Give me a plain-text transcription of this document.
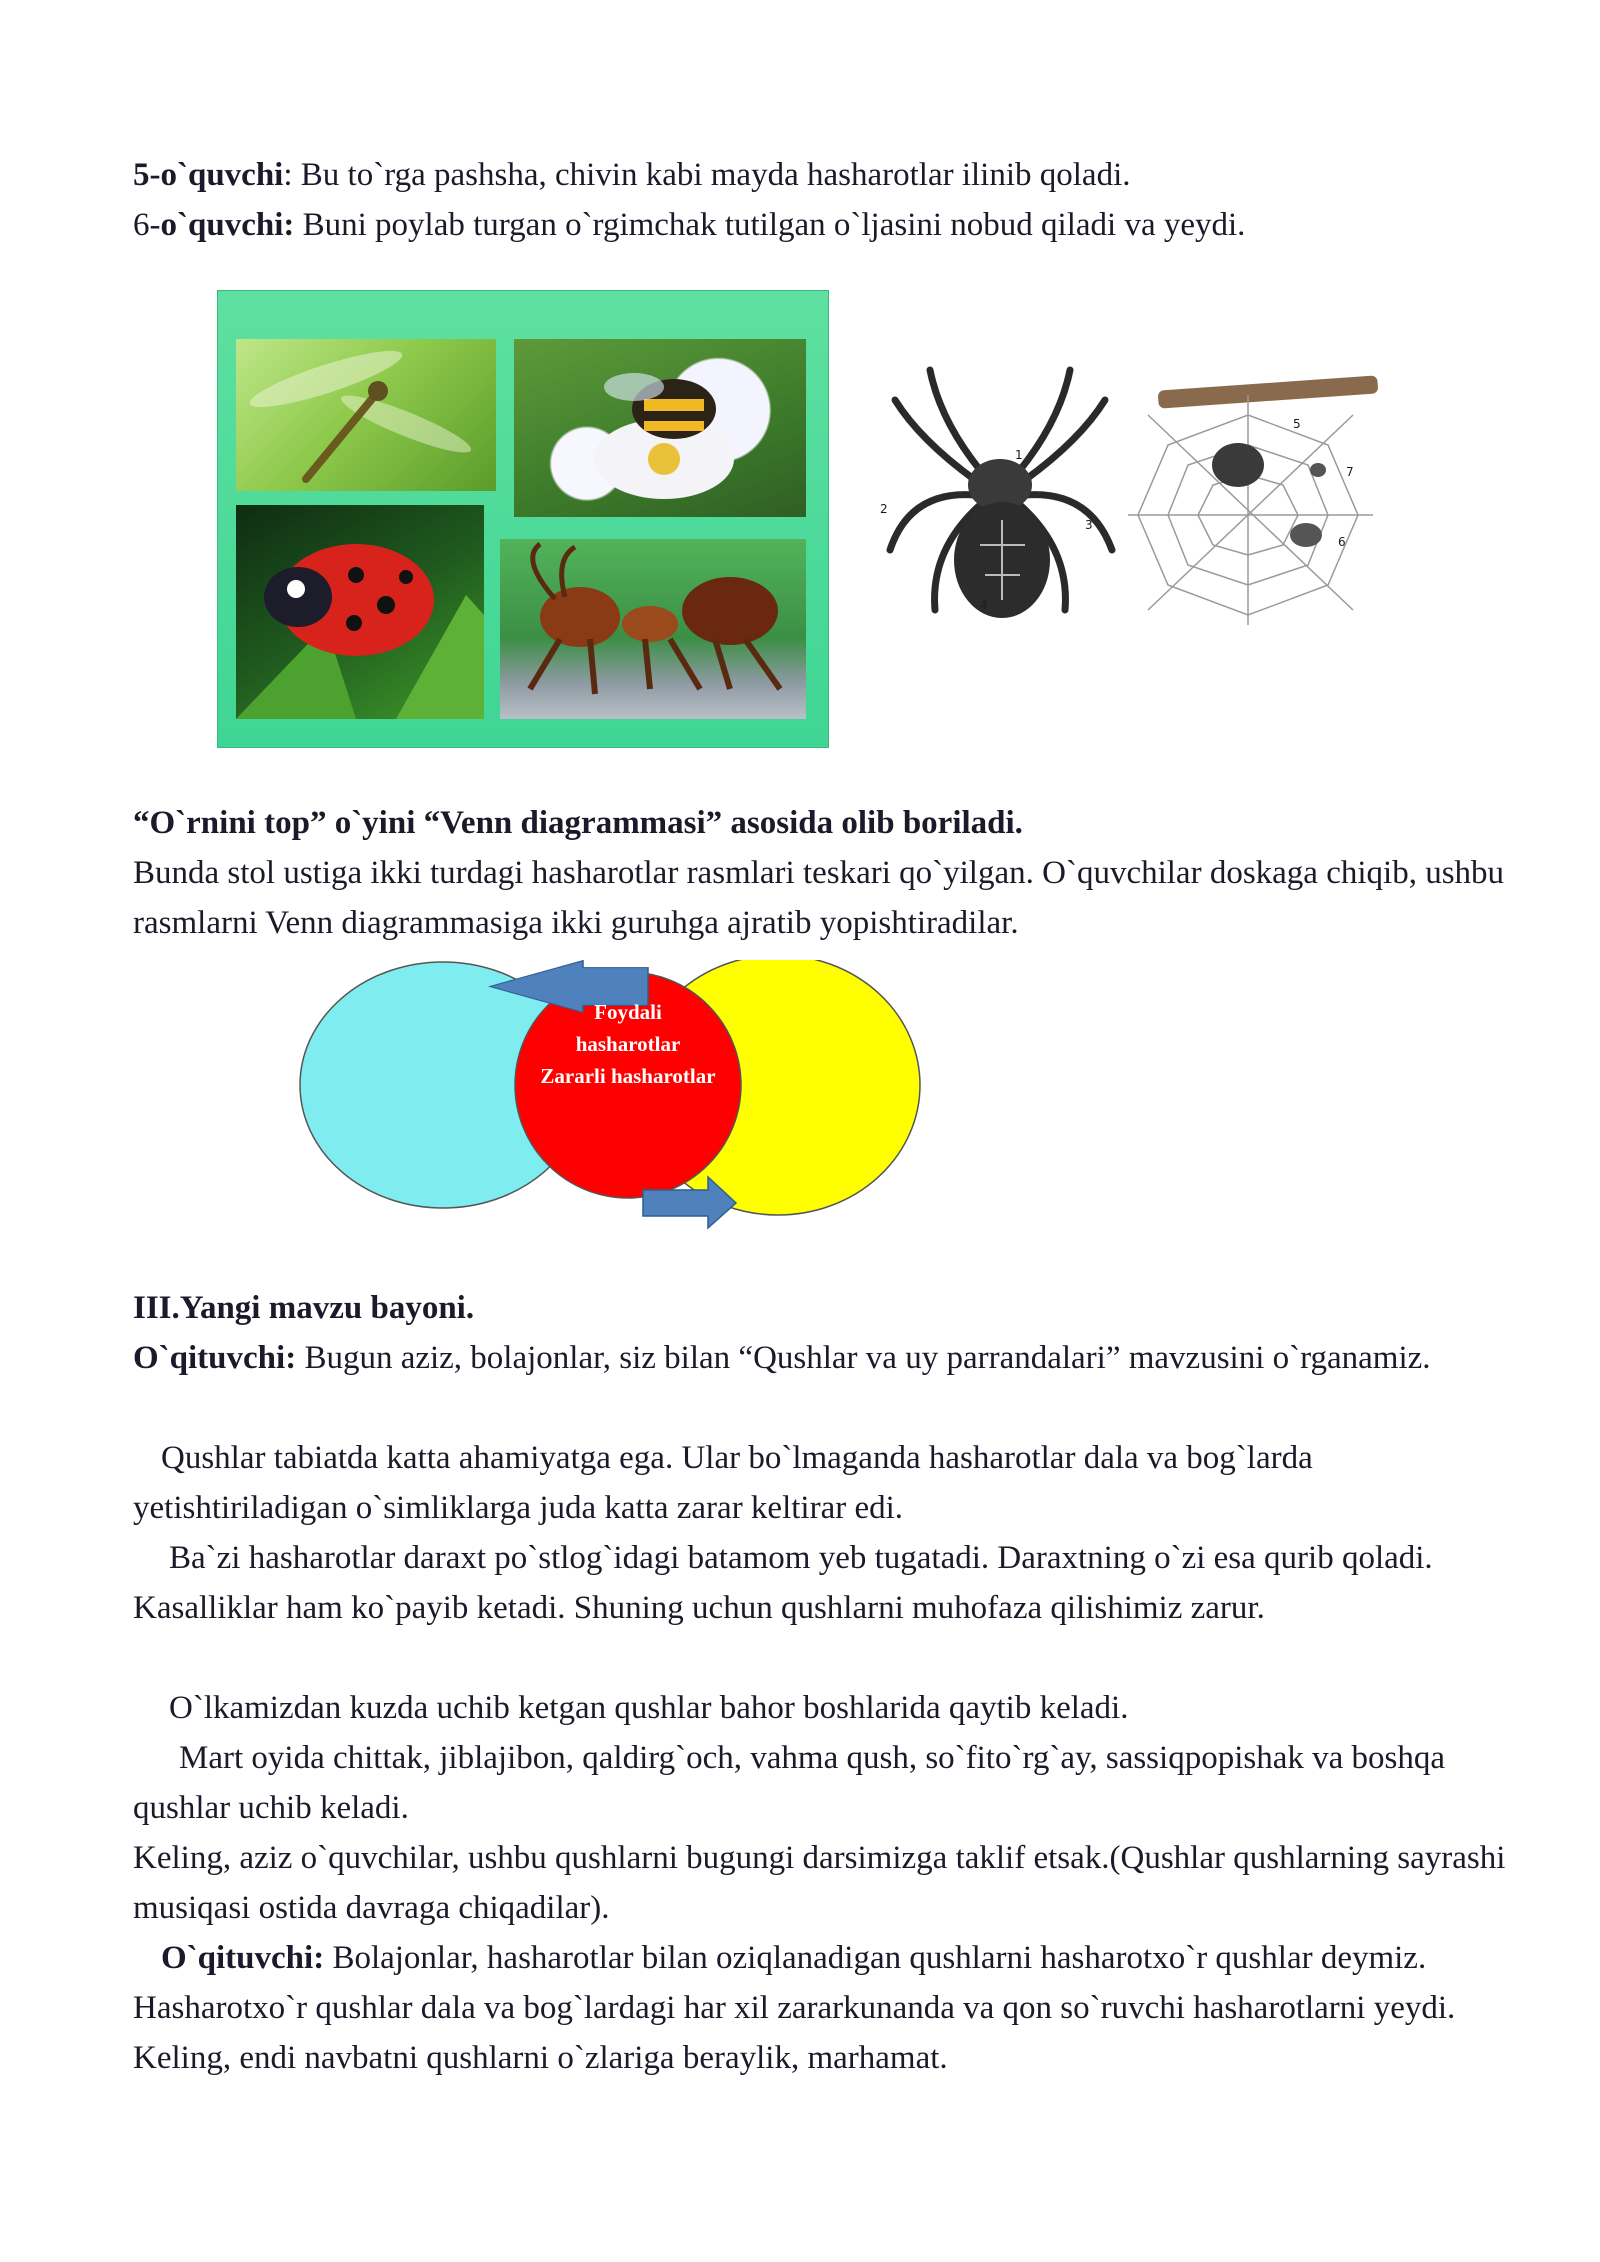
5-o`quvchi: Bu to`rga pashsha, chivin kabi mayda hasharotlar ilinib qoladi.

6-o`quvchi: Buni poylab turgan o`rgimchak tutilgan o`ljasini nobud qiladi va yeydi.

1
2
3
4
5
6
7

“O`rnini top” o`yini “Venn diagrammasi” asosida olib boriladi.

Bunda stol ustiga ikki turdagi hasharotlar rasmlari teskari qo`yilgan. O`quvchilar doskaga chiqib, ushbu rasmlarni Venn diagrammasiga ikki guruhga ajratib yopishtiradilar.

Foydali
hasharotlar
Zararli hasharotlar

III.Yangi mavzu bayoni.

O`qituvchi: Bugun aziz, bolajonlar, siz bilan “Qushlar va uy parrandalari” mavzusini o`rganamiz.

Qushlar tabiatda katta ahamiyatga ega. Ular bo`lmaganda hasharotlar dala va bog`larda yetishtiriladigan o`simliklarga juda katta zarar keltirar edi.

Ba`zi hasharotlar daraxt po`stlog`idagi batamom yeb tugatadi. Daraxtning o`zi esa qurib qoladi. Kasalliklar ham ko`payib ketadi. Shuning uchun qushlarni muhofaza qilishimiz zarur.

O`lkamizdan kuzda uchib ketgan qushlar bahor boshlarida qaytib keladi.

Mart oyida chittak, jiblajibon, qaldirg`och, vahma qush, so`fito`rg`ay, sassiqpopishak va boshqa qushlar uchib keladi.

Keling, aziz o`quvchilar, ushbu qushlarni bugungi darsimizga taklif etsak.(Qushlar qushlarning sayrashi musiqasi ostida davraga chiqadilar).

O`qituvchi: Bolajonlar, hasharotlar bilan oziqlanadigan qushlarni hasharotxo`r qushlar deymiz. Hasharotxo`r qushlar dala va bog`lardagi har xil zararkunanda va qon so`ruvchi hasharotlarni yeydi. Keling, endi navbatni qushlarni o`zlariga beraylik, marhamat.
